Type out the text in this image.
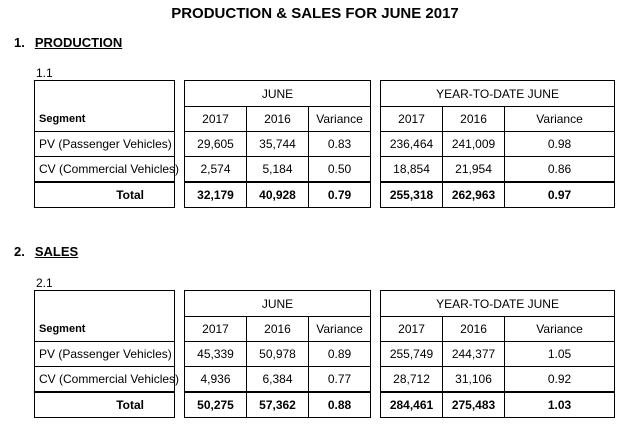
PRODUCTION & SALES FOR JUNE 2017
1. PRODUCTION
1.1
Segment		JUNE				YEAR-TO-DATE JUNE		
		2017	2016	Variance		2017	2016	Variance
PV (Passenger Vehicles)		29,605	35,744	0.83		236,464	241,009	0.98
CV (Commercial Vehicles)		2,574	5,184	0.50		18,854	21,954	0.86
Total		32,179	40,928	0.79		255,318	262,963	0.97
2. SALES
2.1
Segment		JUNE				YEAR-TO-DATE JUNE		
		2017	2016	Variance		2017	2016	Variance
PV (Passenger Vehicles)		45,339	50,978	0.89		255,749	244,377	1.05
CV (Commercial Vehicles)		4,936	6,384	0.77		28,712	31,106	0.92
Total		50,275	57,362	0.88		284,461	275,483	1.03
